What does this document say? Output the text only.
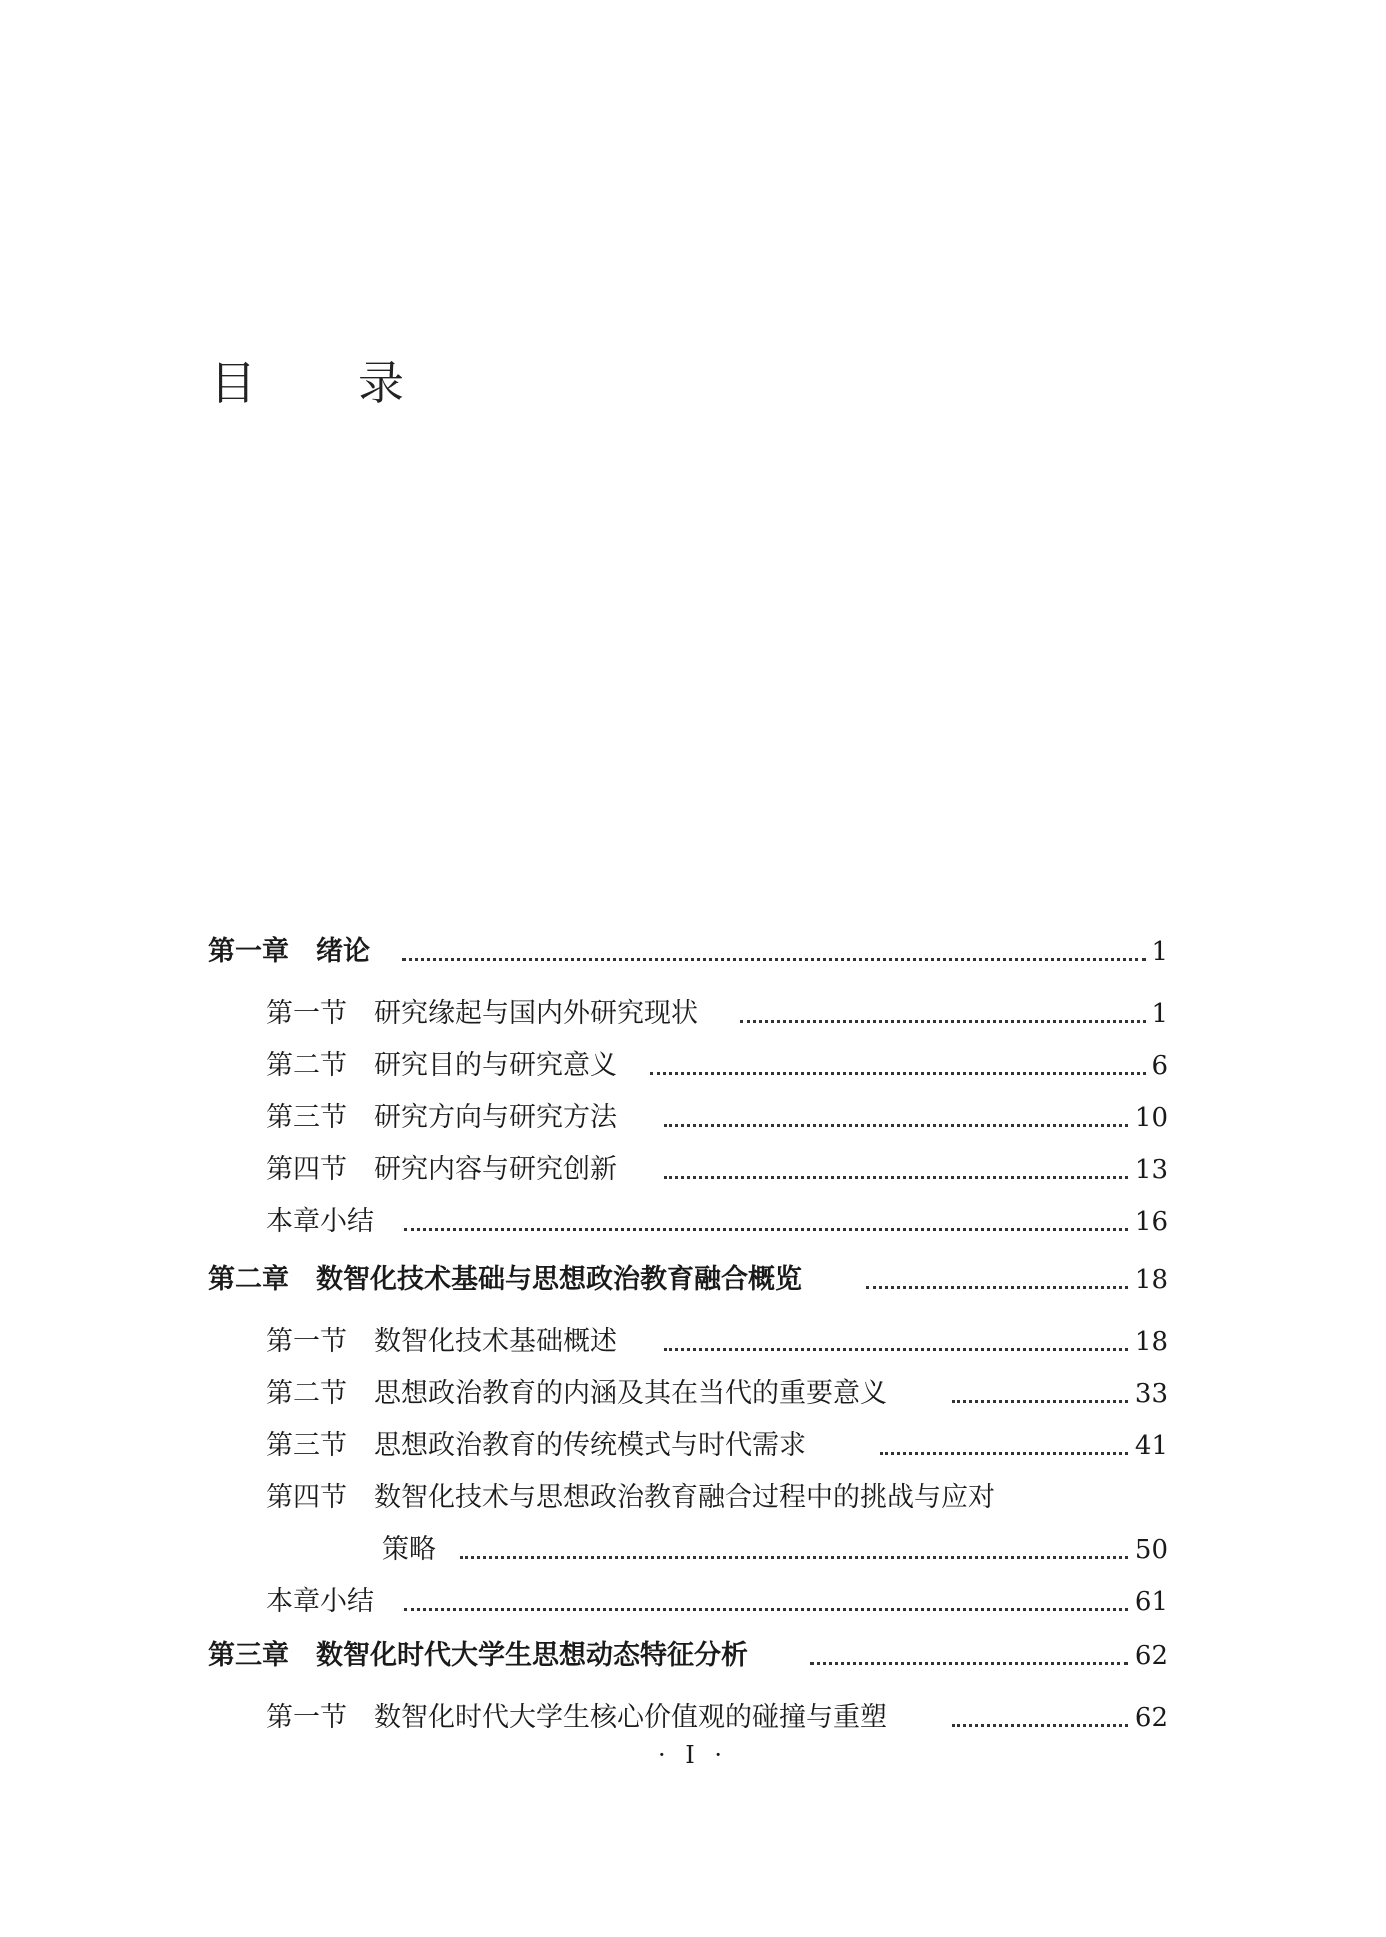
目 录
第一章 绪论	1
第一节 研究缘起与国内外研究现状	1
第二节 研究目的与研究意义	6
第三节 研究方向与研究方法	10
第四节 研究内容与研究创新	13
本章小结	16
第二章 数智化技术基础与思想政治教育融合概览	18
第一节 数智化技术基础概述	18
第二节 思想政治教育的内涵及其在当代的重要意义	33
第三节 思想政治教育的传统模式与时代需求	41
第四节 数智化技术与思想政治教育融合过程中的挑战与应对
策略	50
本章小结	61
第三章 数智化时代大学生思想动态特征分析	62
第一节 数智化时代大学生核心价值观的碰撞与重塑	62
· I ·
